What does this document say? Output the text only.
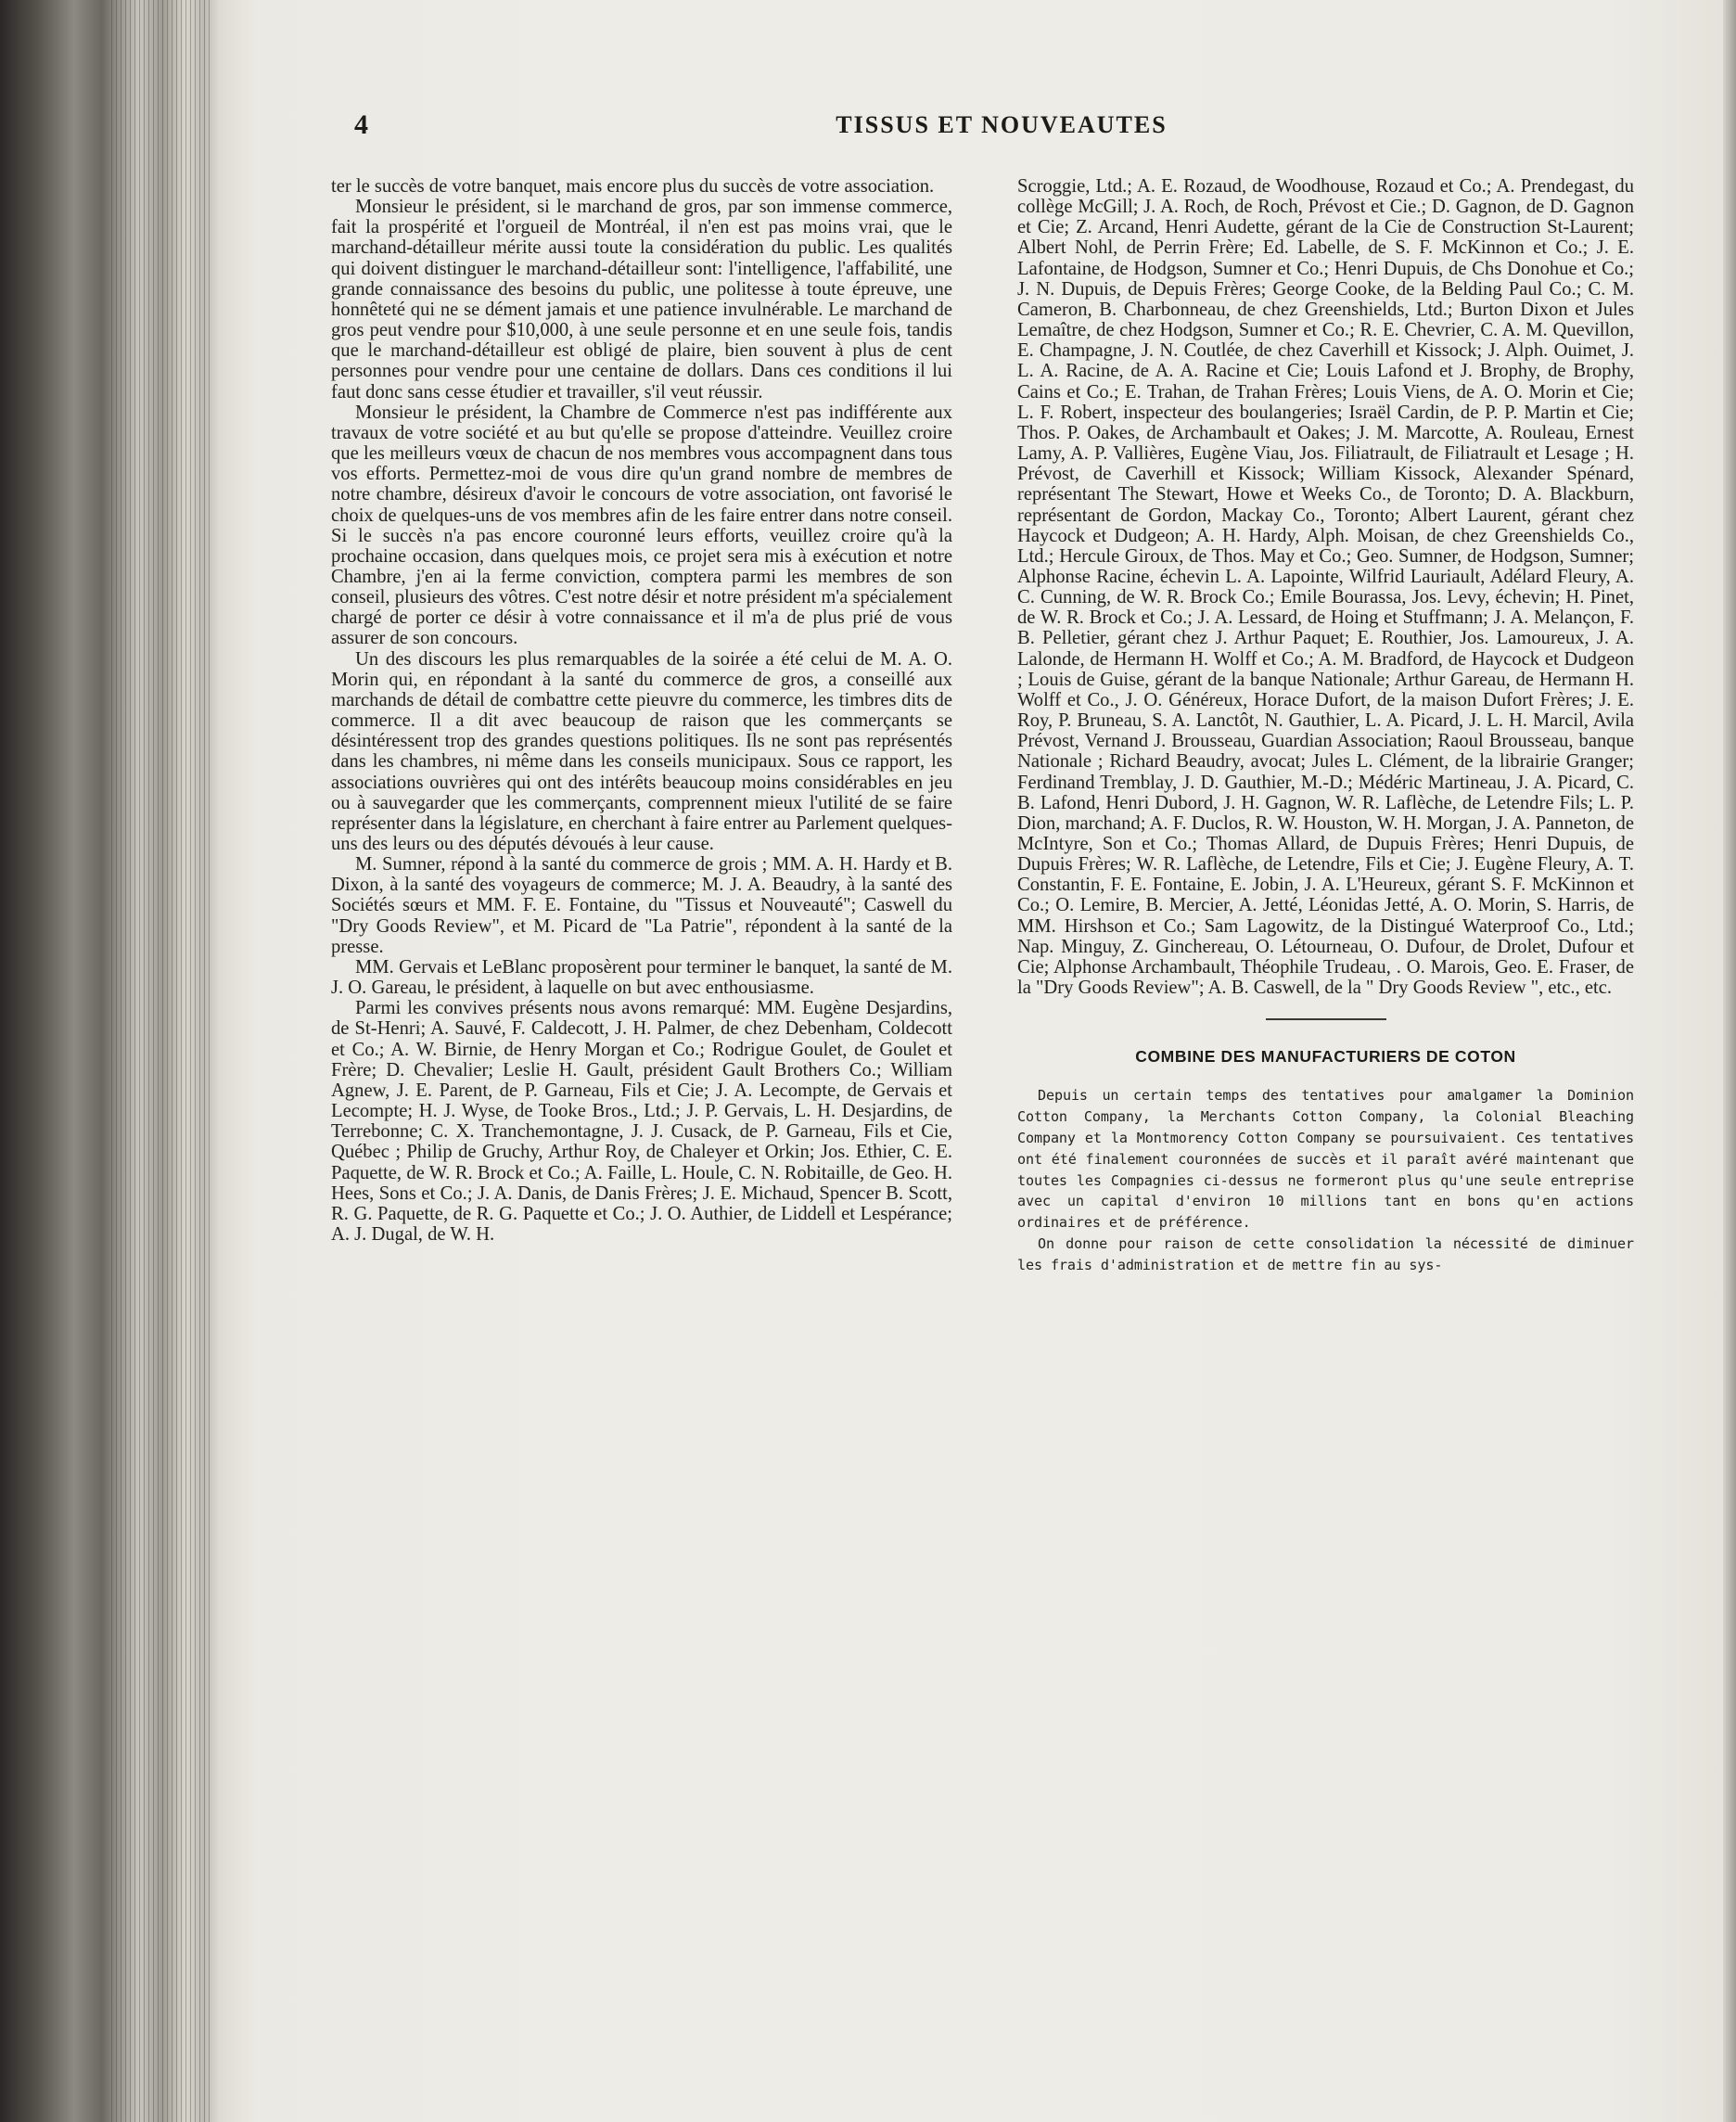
4	TISSUS ET NOUVEAUTES

ter le succès de votre banquet, mais encore plus du succès de votre association.

Monsieur le président, si le marchand de gros, par son immense commerce, fait la prospérité et l'orgueil de Montréal, il n'en est pas moins vrai, que le marchand-détailleur mérite aussi toute la considération du public. Les qualités qui doivent distinguer le marchand-détailleur sont: l'intelligence, l'affabilité, une grande connaissance des besoins du public, une politesse à toute épreuve, une honnêteté qui ne se dément jamais et une patience invulnérable. Le marchand de gros peut vendre pour $10,000, à une seule personne et en une seule fois, tandis que le marchand-détailleur est obligé de plaire, bien souvent à plus de cent personnes pour vendre pour une centaine de dollars. Dans ces conditions il lui faut donc sans cesse étudier et travailler, s'il veut réussir.

Monsieur le président, la Chambre de Commerce n'est pas indifférente aux travaux de votre société et au but qu'elle se propose d'atteindre. Veuillez croire que les meilleurs vœux de chacun de nos membres vous accompagnent dans tous vos efforts. Permettez-moi de vous dire qu'un grand nombre de membres de notre chambre, désireux d'avoir le concours de votre association, ont favorisé le choix de quelques-uns de vos membres afin de les faire entrer dans notre conseil. Si le succès n'a pas encore couronné leurs efforts, veuillez croire qu'à la prochaine occasion, dans quelques mois, ce projet sera mis à exécution et notre Chambre, j'en ai la ferme conviction, comptera parmi les membres de son conseil, plusieurs des vôtres. C'est notre désir et notre président m'a spécialement chargé de porter ce désir à votre connaissance et il m'a de plus prié de vous assurer de son concours.

Un des discours les plus remarquables de la soirée a été celui de M. A. O. Morin qui, en répondant à la santé du commerce de gros, a conseillé aux marchands de détail de combattre cette pieuvre du commerce, les timbres dits de commerce. Il a dit avec beaucoup de raison que les commerçants se désintéressent trop des grandes questions politiques. Ils ne sont pas représentés dans les chambres, ni même dans les conseils municipaux. Sous ce rapport, les associations ouvrières qui ont des intérêts beaucoup moins considérables en jeu ou à sauvegarder que les commerçants, comprennent mieux l'utilité de se faire représenter dans la législature, en cherchant à faire entrer au Parlement quelques-uns des leurs ou des députés dévoués à leur cause.

M. Sumner, répond à la santé du commerce de grois ; MM. A. H. Hardy et B. Dixon, à la santé des voyageurs de commerce; M. J. A. Beaudry, à la santé des Sociétés sœurs et MM. F. E. Fontaine, du "Tissus et Nouveauté"; Caswell du "Dry Goods Review", et M. Picard de "La Patrie", répondent à la santé de la presse.

MM. Gervais et LeBlanc proposèrent pour terminer le banquet, la santé de M. J. O. Gareau, le président, à laquelle on but avec enthousiasme.

Parmi les convives présents nous avons remarqué: MM. Eugène Desjardins, de St-Henri; A. Sauvé, F. Caldecott, J. H. Palmer, de chez Debenham, Coldecott et Co.; A. W. Birnie, de Henry Morgan et Co.; Rodrigue Goulet, de Goulet et Frère; D. Chevalier; Leslie H. Gault, président Gault Brothers Co.; William Agnew, J. E. Parent, de P. Garneau, Fils et Cie; J. A. Lecompte, de Gervais et Lecompte; H. J. Wyse, de Tooke Bros., Ltd.; J. P. Gervais, L. H. Desjardins, de Terrebonne; C. X. Tranchemontagne, J. J. Cusack, de P. Garneau, Fils et Cie, Québec ; Philip de Gruchy, Arthur Roy, de Chaleyer et Orkin; Jos. Ethier, C. E. Paquette, de W. R. Brock et Co.; A. Faille, L. Houle, C. N. Robitaille, de Geo. H. Hees, Sons et Co.; J. A. Danis, de Danis Frères; J. E. Michaud, Spencer B. Scott, R. G. Paquette, de R. G. Paquette et Co.; J. O. Authier, de Liddell et Lespérance; A. J. Dugal, de W. H.

Scroggie, Ltd.; A. E. Rozaud, de Woodhouse, Rozaud et Co.; A. Prendegast, du collège McGill; J. A. Roch, de Roch, Prévost et Cie.; D. Gagnon, de D. Gagnon et Cie; Z. Arcand, Henri Audette, gérant de la Cie de Construction St-Laurent; Albert Nohl, de Perrin Frère; Ed. Labelle, de S. F. McKinnon et Co.; J. E. Lafontaine, de Hodgson, Sumner et Co.; Henri Dupuis, de Chs Donohue et Co.; J. N. Dupuis, de Depuis Frères; George Cooke, de la Belding Paul Co.; C. M. Cameron, B. Charbonneau, de chez Greenshields, Ltd.; Burton Dixon et Jules Lemaître, de chez Hodgson, Sumner et Co.; R. E. Chevrier, C. A. M. Quevillon, E. Champagne, J. N. Coutlée, de chez Caverhill et Kissock; J. Alph. Ouimet, J. L. A. Racine, de A. A. Racine et Cie; Louis Lafond et J. Brophy, de Brophy, Cains et Co.; E. Trahan, de Trahan Frères; Louis Viens, de A. O. Morin et Cie; L. F. Robert, inspecteur des boulangeries; Israël Cardin, de P. P. Martin et Cie; Thos. P. Oakes, de Archambault et Oakes; J. M. Marcotte, A. Rouleau, Ernest Lamy, A. P. Vallières, Eugène Viau, Jos. Filiatrault, de Filiatrault et Lesage ; H. Prévost, de Caverhill et Kissock; William Kissock, Alexander Spénard, représentant The Stewart, Howe et Weeks Co., de Toronto; D. A. Blackburn, représentant de Gordon, Mackay Co., Toronto; Albert Laurent, gérant chez Haycock et Dudgeon; A. H. Hardy, Alph. Moisan, de chez Greenshields Co., Ltd.; Hercule Giroux, de Thos. May et Co.; Geo. Sumner, de Hodgson, Sumner; Alphonse Racine, échevin L. A. Lapointe, Wilfrid Lauriault, Adélard Fleury, A. C. Cunning, de W. R. Brock Co.; Emile Bourassa, Jos. Levy, échevin; H. Pinet, de W. R. Brock et Co.; J. A. Lessard, de Hoing et Stuffmann; J. A. Melançon, F. B. Pelletier, gérant chez J. Arthur Paquet; E. Routhier, Jos. Lamoureux, J. A. Lalonde, de Hermann H. Wolff et Co.; A. M. Bradford, de Haycock et Dudgeon ; Louis de Guise, gérant de la banque Nationale; Arthur Gareau, de Hermann H. Wolff et Co., J. O. Généreux, Horace Dufort, de la maison Dufort Frères; J. E. Roy, P. Bruneau, S. A. Lanctôt, N. Gauthier, L. A. Picard, J. L. H. Marcil, Avila Prévost, Vernand J. Brousseau, Guardian Association; Raoul Brousseau, banque Nationale ; Richard Beaudry, avocat; Jules L. Clément, de la librairie Granger; Ferdinand Tremblay, J. D. Gauthier, M.-D.; Médéric Martineau, J. A. Picard, C. B. Lafond, Henri Dubord, J. H. Gagnon, W. R. Laflèche, de Letendre Fils; L. P. Dion, marchand; A. F. Duclos, R. W. Houston, W. H. Morgan, J. A. Panneton, de McIntyre, Son et Co.; Thomas Allard, de Dupuis Frères; Henri Dupuis, de Dupuis Frères; W. R. Laflèche, de Letendre, Fils et Cie; J. Eugène Fleury, A. T. Constantin, F. E. Fontaine, E. Jobin, J. A. L'Heureux, gérant S. F. McKinnon et Co.; O. Lemire, B. Mercier, A. Jetté, Léonidas Jetté, A. O. Morin, S. Harris, de MM. Hirshson et Co.; Sam Lagowitz, de la Distingué Waterproof Co., Ltd.; Nap. Minguy, Z. Ginchereau, O. Létourneau, O. Dufour, de Drolet, Dufour et Cie; Alphonse Archambault, Théophile Trudeau, . O. Marois, Geo. E. Fraser, de la "Dry Goods Review"; A. B. Caswell, de la " Dry Goods Review ", etc., etc.

COMBINE DES MANUFACTURIERS DE COTON

Depuis un certain temps des tentatives pour amalgamer la Dominion Cotton Company, la Merchants Cotton Company, la Colonial Bleaching Company et la Montmorency Cotton Company se poursuivaient. Ces tentatives ont été finalement couronnées de succès et il paraît avéré maintenant que toutes les Compagnies ci-dessus ne formeront plus qu'une seule entreprise avec un capital d'environ 10 millions tant en bons qu'en actions ordinaires et de préférence.

On donne pour raison de cette consolidation la nécessité de diminuer les frais d'administration et de mettre fin au sys-
